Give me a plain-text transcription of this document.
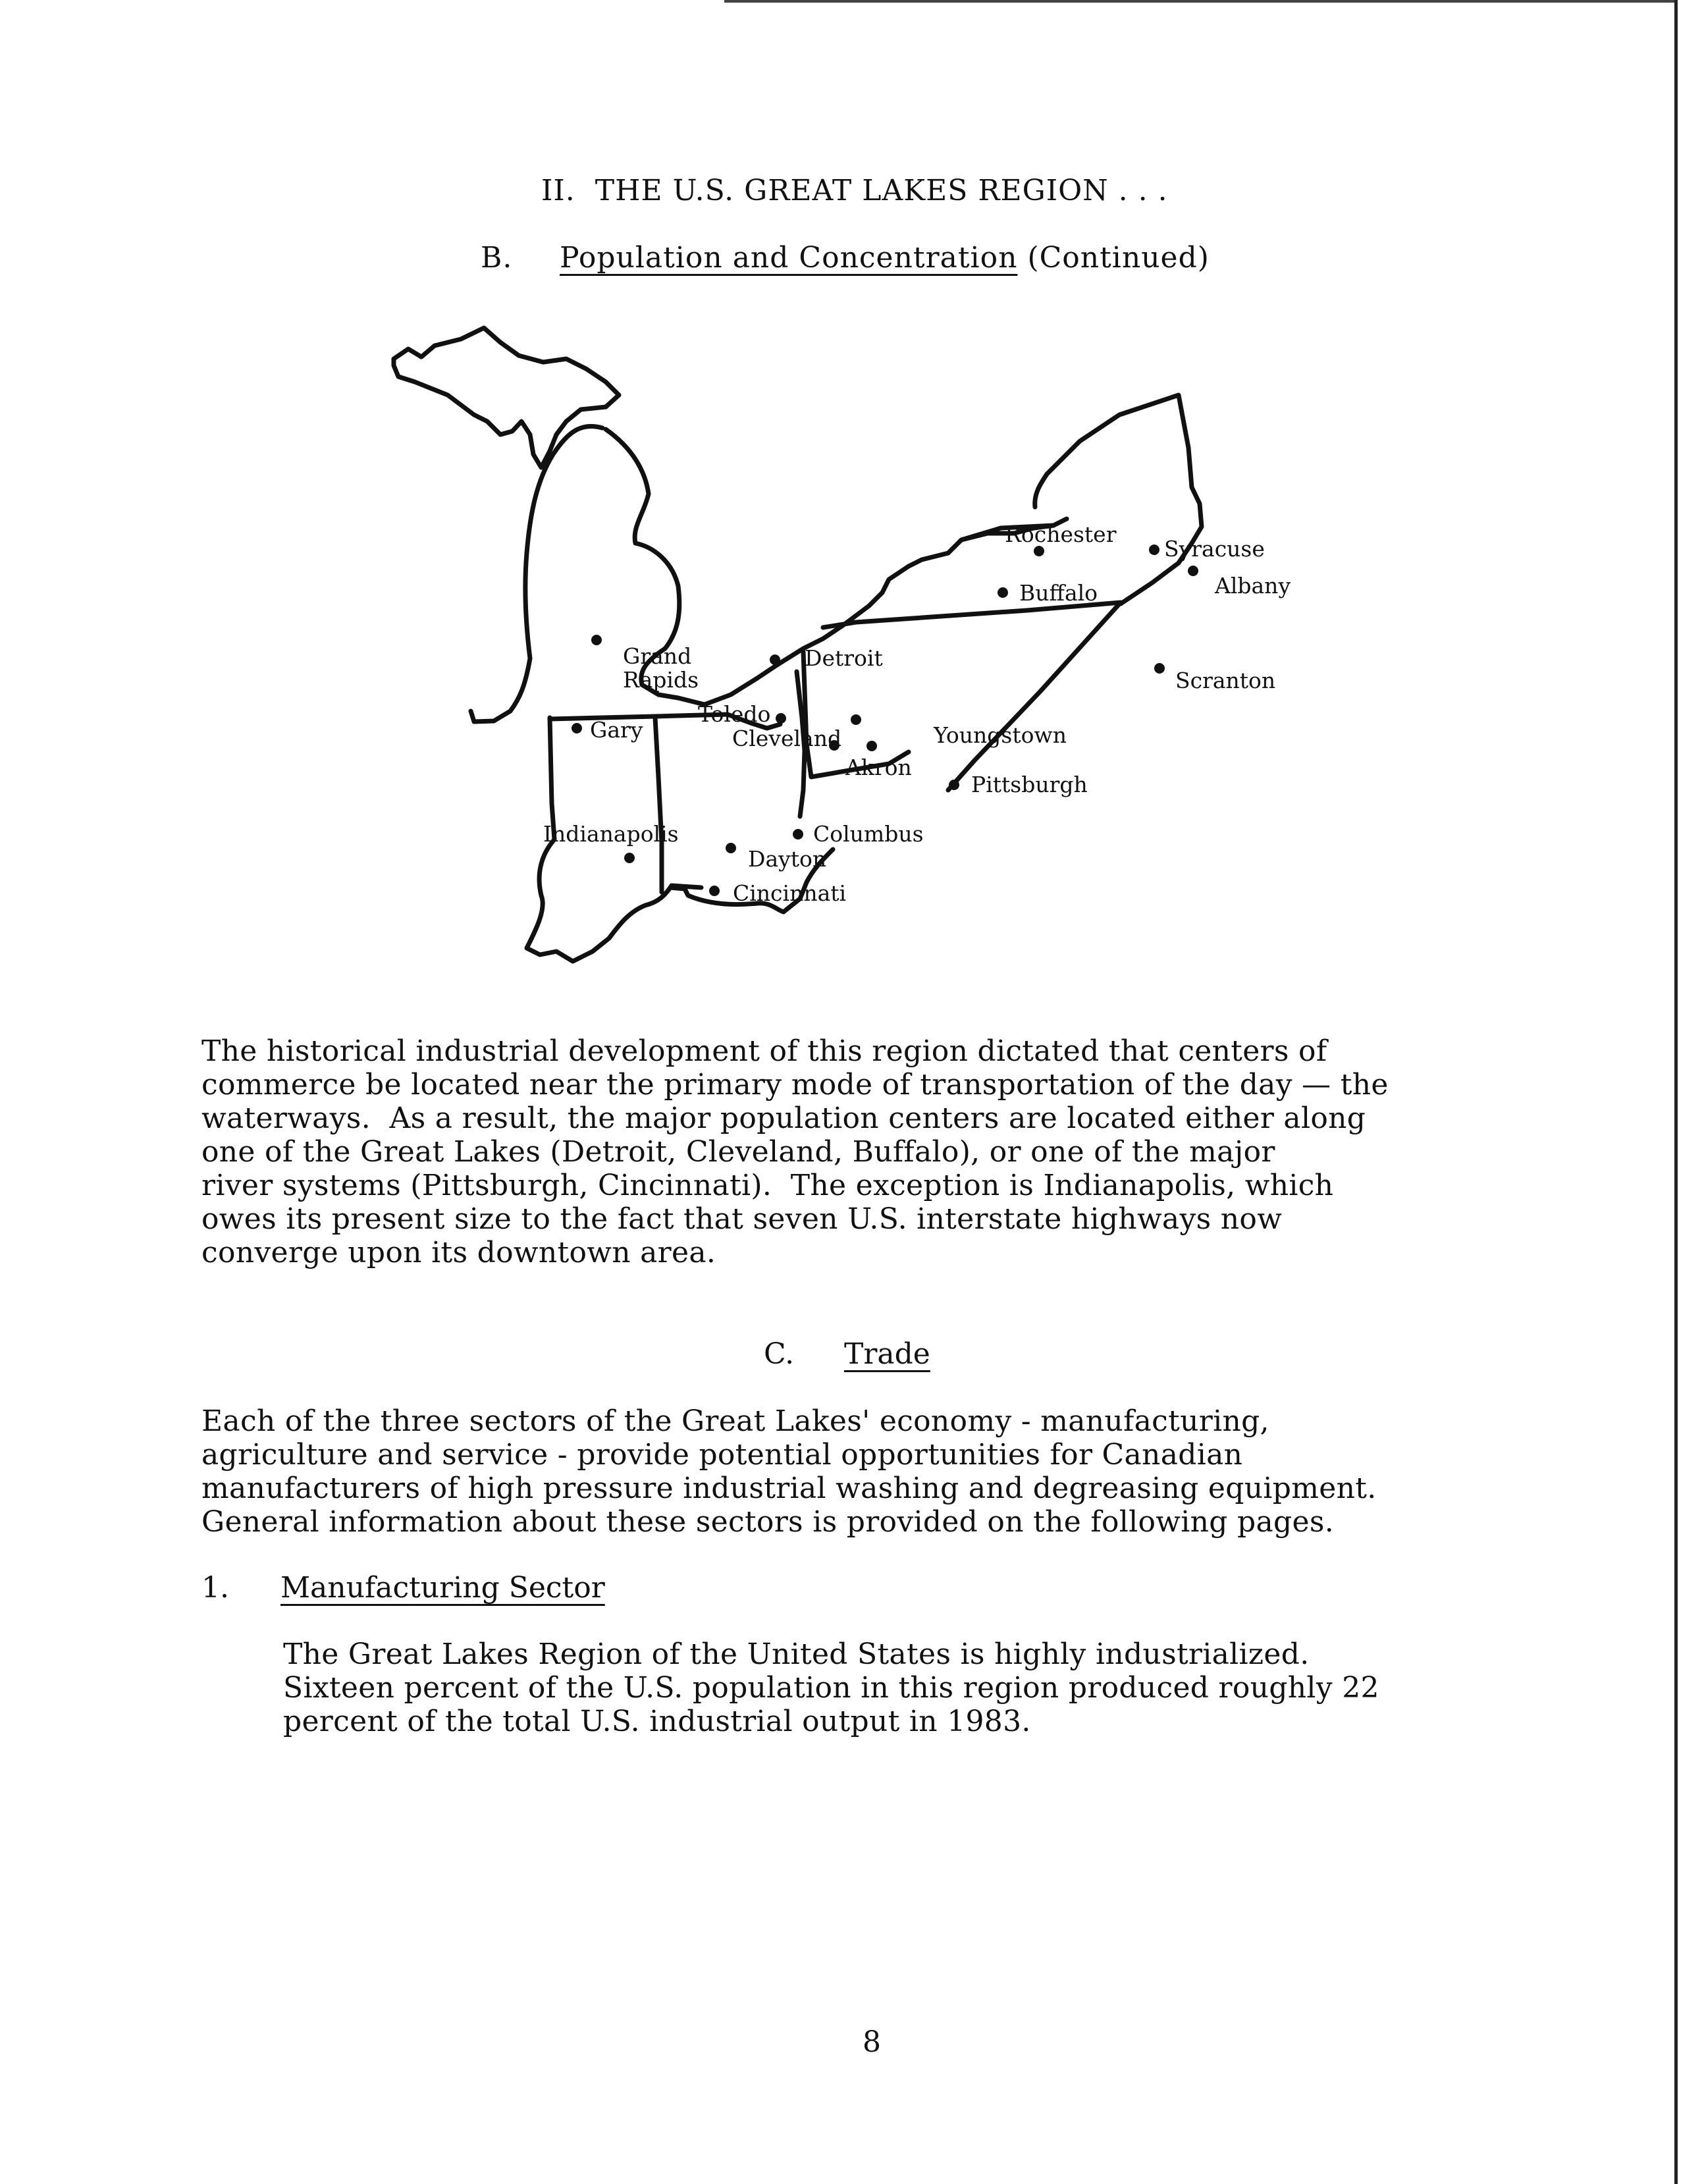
II.  THE U.S. GREAT LAKES REGION . . .
B. Population and Concentration (Continued)
Rochester
Syracuse
Albany
Buffalo
Grand
Rapids
Detroit
Scranton
Gary
Toledo
Cleveland	Youngstown
Akron
Pittsburgh
Indianapolis	Columbus
Dayton
Cincinnati
The historical industrial development of this region dictated that centers of
commerce be located near the primary mode of transportation of the day — the
waterways.  As a result, the major population centers are located either along
one of the Great Lakes (Detroit, Cleveland, Buffalo), or one of the major
river systems (Pittsburgh, Cincinnati).  The exception is Indianapolis, which
owes its present size to the fact that seven U.S. interstate highways now
converge upon its downtown area.
C. Trade
Each of the three sectors of the Great Lakes' economy - manufacturing,
agriculture and service - provide potential opportunities for Canadian
manufacturers of high pressure industrial washing and degreasing equipment.
General information about these sectors is provided on the following pages.
1. Manufacturing Sector
The Great Lakes Region of the United States is highly industrialized.
Sixteen percent of the U.S. population in this region produced roughly 22
percent of the total U.S. industrial output in 1983.
8
